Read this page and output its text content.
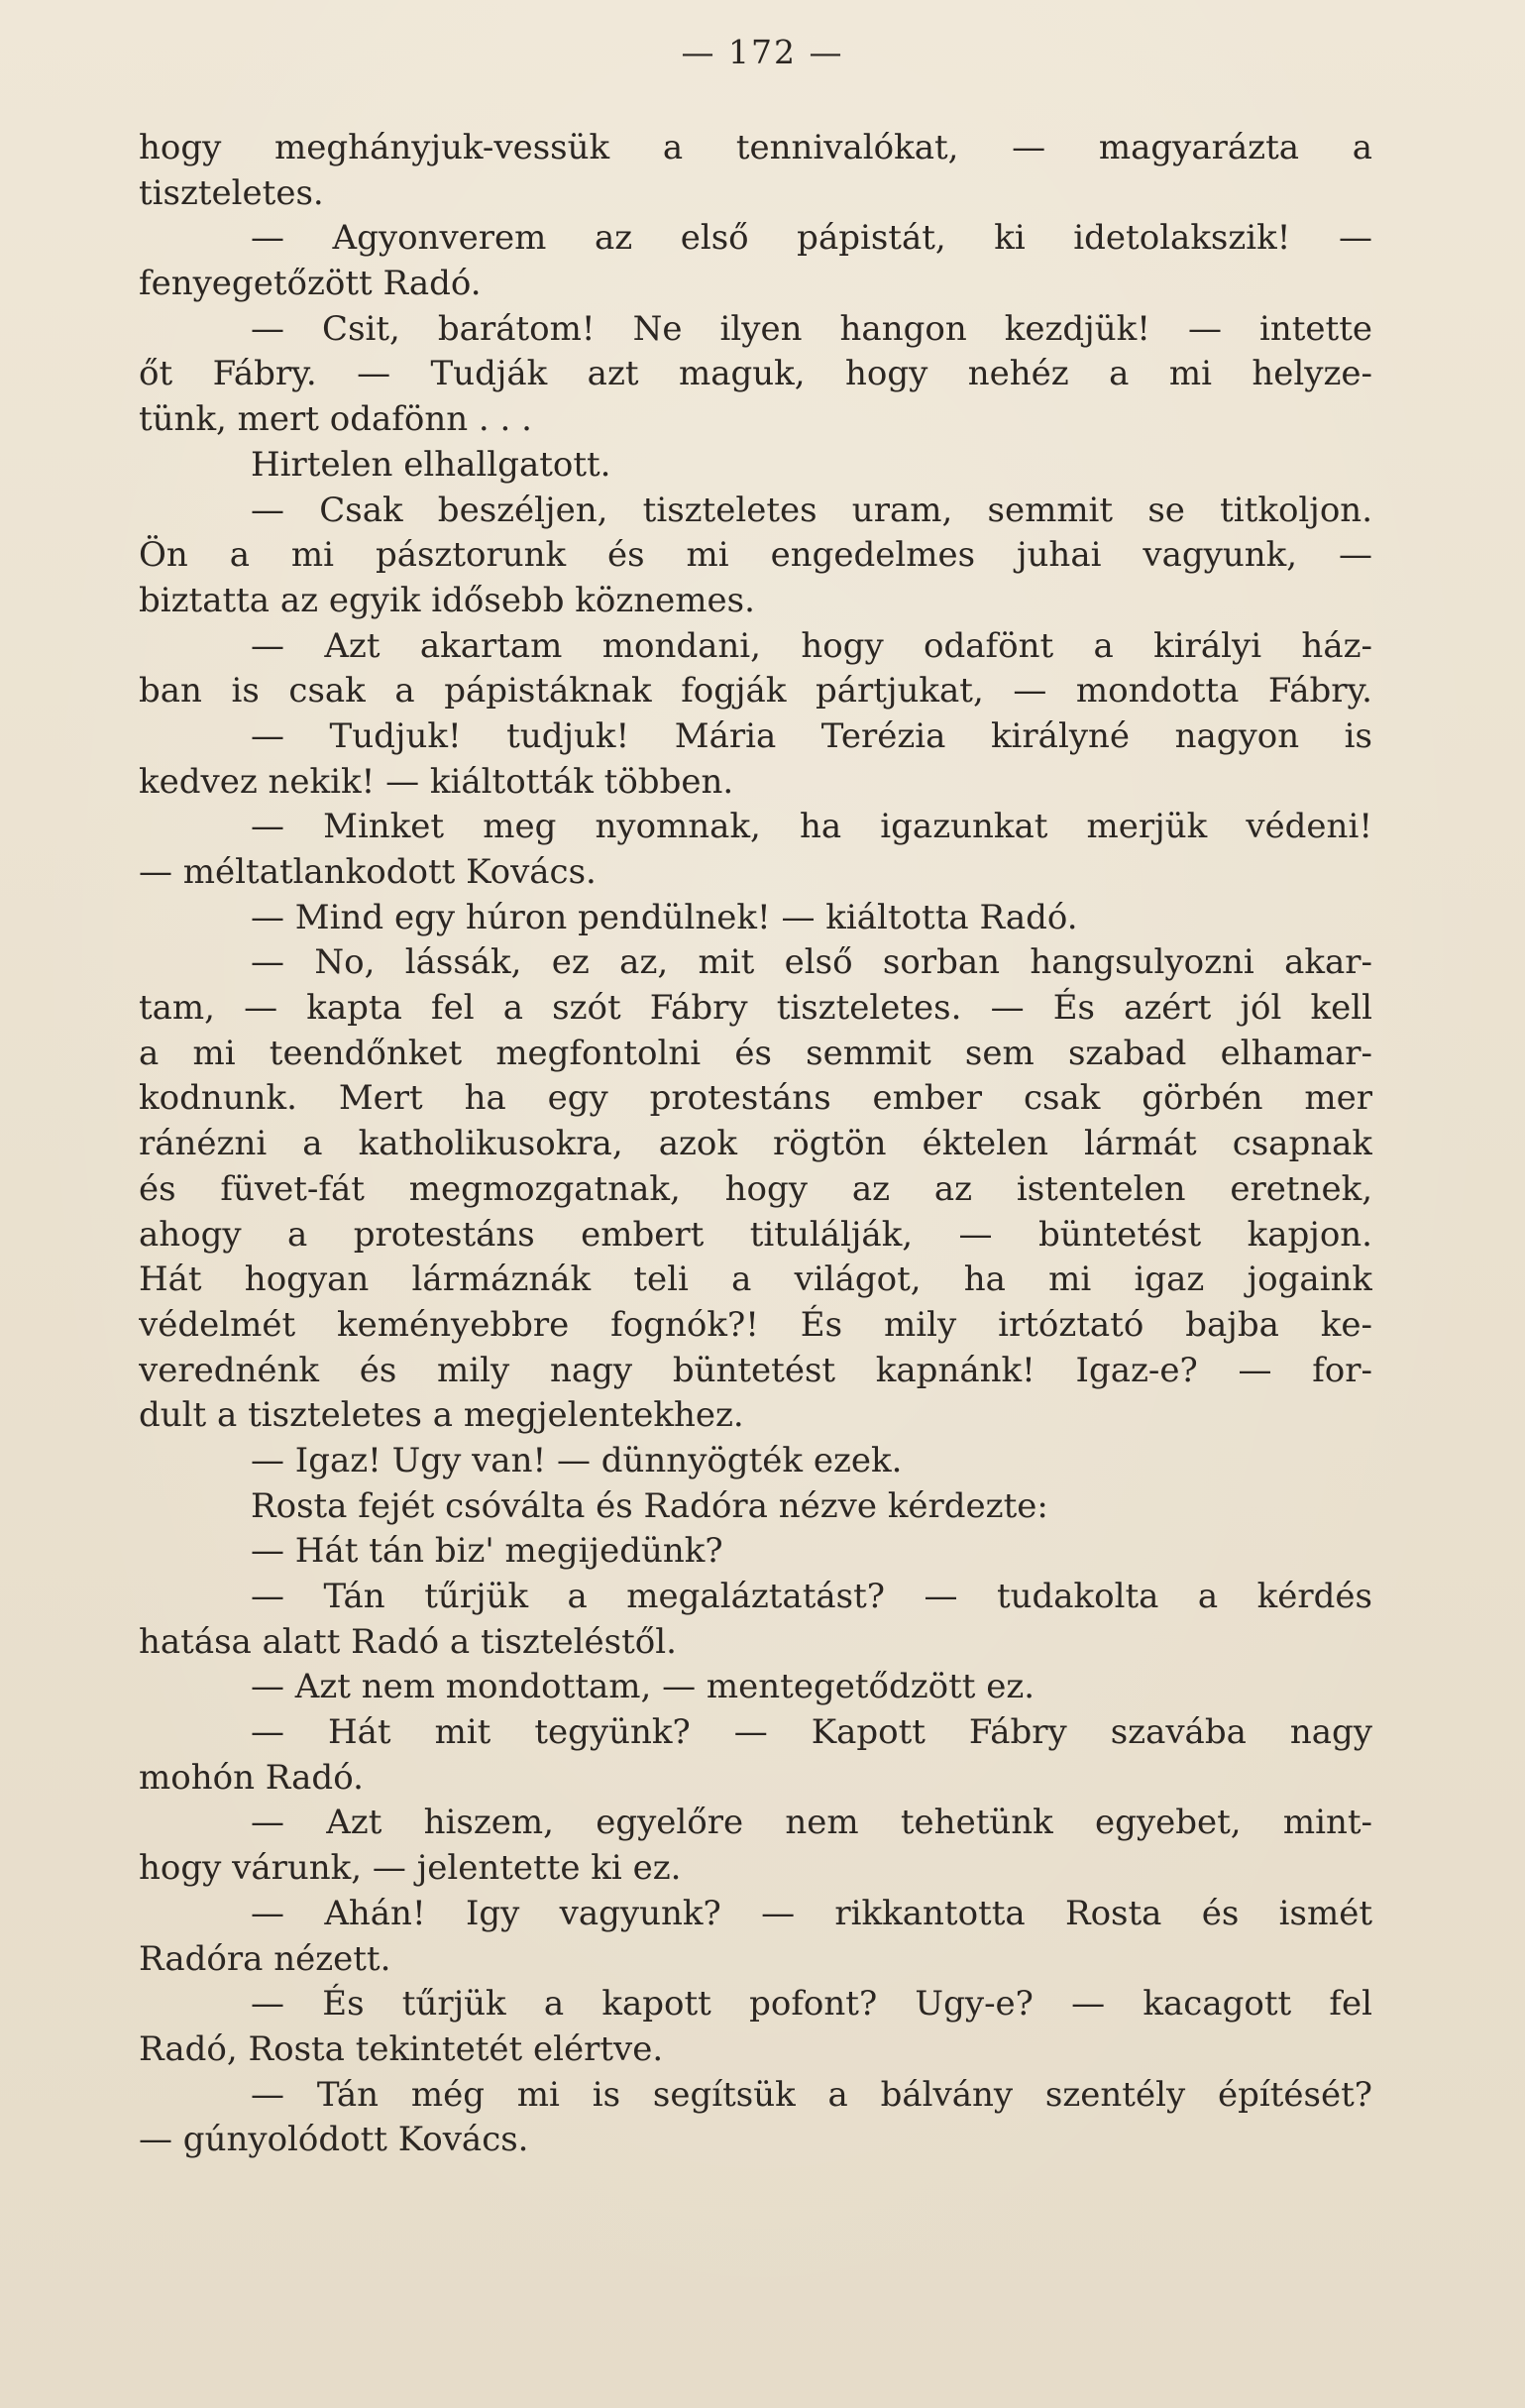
— 172 —
hogy meghányjuk-vessük a tennivalókat, — magyarázta a
tiszteletes.
— Agyonverem az első pápistát, ki idetolakszik! —
fenyegetőzött Radó.
— Csit, barátom! Ne ilyen hangon kezdjük! — intette
őt Fábry. — Tudják azt maguk, hogy nehéz a mi helyze-
tünk, mert odafönn . . .
Hirtelen elhallgatott.
— Csak beszéljen, tiszteletes uram, semmit se titkoljon.
Ön a mi pásztorunk és mi engedelmes juhai vagyunk, —
biztatta az egyik idősebb köznemes.
— Azt akartam mondani, hogy odafönt a királyi ház-
ban is csak a pápistáknak fogják pártjukat, — mondotta Fábry.
— Tudjuk! tudjuk! Mária Terézia királyné nagyon is
kedvez nekik! — kiáltották többen.
— Minket meg nyomnak, ha igazunkat merjük védeni!
— méltatlankodott Kovács.
— Mind egy húron pendülnek! — kiáltotta Radó.
— No, lássák, ez az, mit első sorban hangsulyozni akar-
tam, — kapta fel a szót Fábry tiszteletes. — És azért jól kell
a mi teendőnket megfontolni és semmit sem szabad elhamar-
kodnunk. Mert ha egy protestáns ember csak görbén mer
ránézni a katholikusokra, azok rögtön éktelen lármát csapnak
és füvet-fát megmozgatnak, hogy az az istentelen eretnek,
ahogy a protestáns embert titulálják, — büntetést kapjon.
Hát hogyan lármáznák teli a világot, ha mi igaz jogaink
védelmét keményebbre fognók?! És mily irtóztató bajba ke-
verednénk és mily nagy büntetést kapnánk! Igaz-e? — for-
dult a tiszteletes a megjelentekhez.
— Igaz! Ugy van! — dünnyögték ezek.
Rosta fejét csóválta és Radóra nézve kérdezte:
— Hát tán biz' megijedünk?
— Tán tűrjük a megaláztatást? — tudakolta a kérdés
hatása alatt Radó a tiszteléstől.
— Azt nem mondottam, — mentegetődzött ez.
— Hát mit tegyünk? — Kapott Fábry szavába nagy
mohón Radó.
— Azt hiszem, egyelőre nem tehetünk egyebet, mint-
hogy várunk, — jelentette ki ez.
— Ahán! Igy vagyunk? — rikkantotta Rosta és ismét
Radóra nézett.
— És tűrjük a kapott pofont? Ugy-e? — kacagott fel
Radó, Rosta tekintetét elértve.
— Tán még mi is segítsük a bálvány szentély építését?
— gúnyolódott Kovács.
